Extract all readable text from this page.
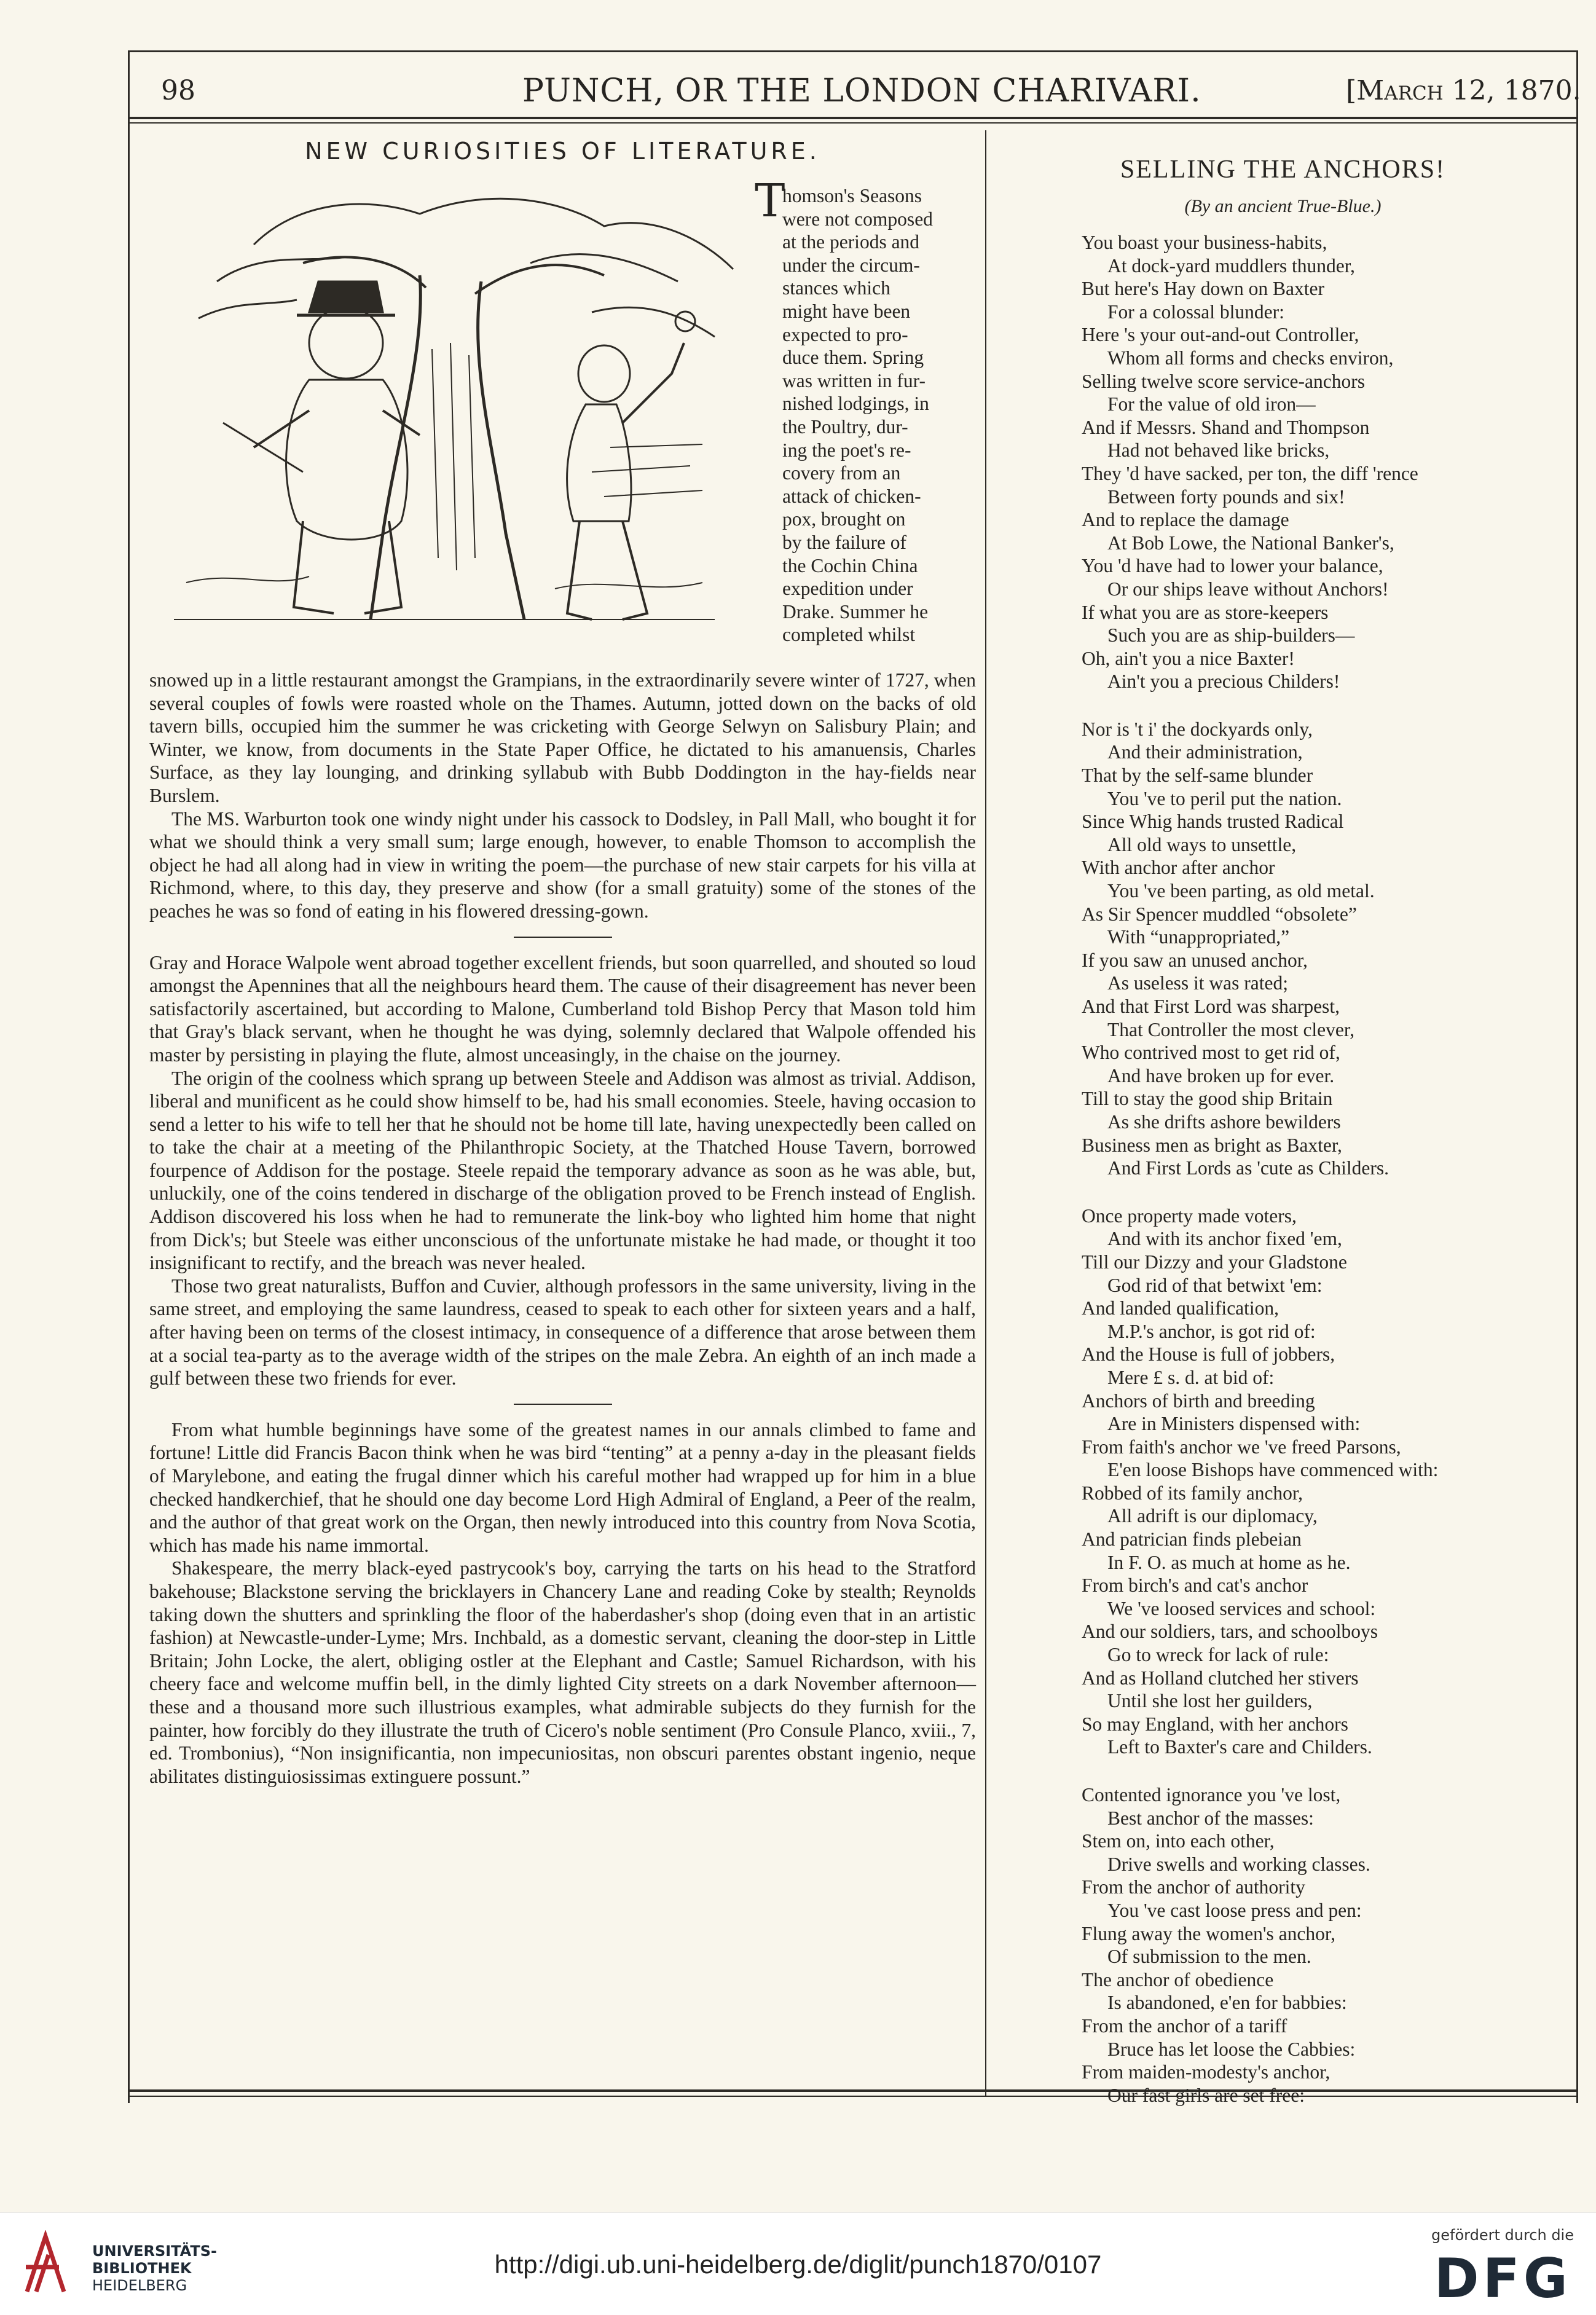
98	PUNCH, OR THE LONDON CHARIVARI.	[March 12, 1870.
NEW CURIOSITIES OF LITERATURE.
T
homson's Seasons
were not composed
at the periods and
under the circum-
stances which
might have been
expected to pro-
duce them. Spring
was written in fur-
nished lodgings, in
the Poultry, dur-
ing the poet's re-
covery from an
attack of chicken-
pox, brought on
by the failure of
the Cochin China
expedition under
Drake. Summer he
completed whilst

snowed up in a little restaurant amongst the Grampians, in the extraordinarily severe winter of 1727, when several couples of fowls were roasted whole on the Thames. Autumn, jotted down on the backs of old tavern bills, occupied him the summer he was cricketing with George Selwyn on Salisbury Plain; and Winter, we know, from documents in the State Paper Office, he dictated to his amanuensis, Charles Surface, as they lay lounging, and drinking syllabub with Bubb Doddington in the hay-fields near Burslem.

The MS. Warburton took one windy night under his cassock to Dodsley, in Pall Mall, who bought it for what we should think a very small sum; large enough, however, to enable Thomson to accomplish the object he had all along had in view in writing the poem—the purchase of new stair carpets for his villa at Richmond, where, to this day, they preserve and show (for a small gratuity) some of the stones of the peaches he was so fond of eating in his flowered dressing-gown.

Gray and Horace Walpole went abroad together excellent friends, but soon quarrelled, and shouted so loud amongst the Apennines that all the neighbours heard them. The cause of their disagreement has never been satisfactorily ascertained, but according to Malone, Cumberland told Bishop Percy that Mason told him that Gray's black servant, when he thought he was dying, solemnly declared that Walpole offended his master by persisting in playing the flute, almost unceasingly, in the chaise on the journey.

The origin of the coolness which sprang up between Steele and Addison was almost as trivial. Addison, liberal and munificent as he could show himself to be, had his small economies. Steele, having occasion to send a letter to his wife to tell her that he should not be home till late, having unexpectedly been called on to take the chair at a meeting of the Philanthropic Society, at the Thatched House Tavern, borrowed fourpence of Addison for the postage. Steele repaid the temporary advance as soon as he was able, but, unluckily, one of the coins tendered in discharge of the obligation proved to be French instead of English. Addison discovered his loss when he had to remunerate the link-boy who lighted him home that night from Dick's; but Steele was either unconscious of the unfortunate mistake he had made, or thought it too insignificant to rectify, and the breach was never healed.

Those two great naturalists, Buffon and Cuvier, although professors in the same university, living in the same street, and employing the same laundress, ceased to speak to each other for sixteen years and a half, after having been on terms of the closest intimacy, in consequence of a difference that arose between them at a social tea-party as to the average width of the stripes on the male Zebra. An eighth of an inch made a gulf between these two friends for ever.

From what humble beginnings have some of the greatest names in our annals climbed to fame and fortune! Little did Francis Bacon think when he was bird “tenting” at a penny a-day in the pleasant fields of Marylebone, and eating the frugal dinner which his careful mother had wrapped up for him in a blue checked handkerchief, that he should one day become Lord High Admiral of England, a Peer of the realm, and the author of that great work on the Organ, then newly introduced into this country from Nova Scotia, which has made his name immortal.

Shakespeare, the merry black-eyed pastrycook's boy, carrying the tarts on his head to the Stratford bakehouse; Blackstone serving the bricklayers in Chancery Lane and reading Coke by stealth; Reynolds taking down the shutters and sprinkling the floor of the haberdasher's shop (doing even that in an artistic fashion) at Newcastle-under-Lyme; Mrs. Inchbald, as a domestic servant, cleaning the door-step in Little Britain; John Locke, the alert, obliging ostler at the Elephant and Castle; Samuel Richardson, with his cheery face and welcome muffin bell, in the dimly lighted City streets on a dark November afternoon—these and a thousand more such illustrious examples, what admirable subjects do they furnish for the painter, how forcibly do they illustrate the truth of Cicero's noble sentiment (Pro Consule Planco, xviii., 7, ed. Trombonius), “Non insignificantia, non impecuniositas, non obscuri parentes obstant ingenio, neque abilitates distinguiosissimas extinguere possunt.”

SELLING THE ANCHORS!
(By an ancient True-Blue.)
You boast your business-habits,
At dock-yard muddlers thunder,
But here's Hay down on Baxter
For a colossal blunder:
Here 's your out-and-out Controller,
Whom all forms and checks environ,
Selling twelve score service-anchors
For the value of old iron—
And if Messrs. Shand and Thompson
Had not behaved like bricks,
They 'd have sacked, per ton, the diff 'rence
Between forty pounds and six!
And to replace the damage
At Bob Lowe, the National Banker's,
You 'd have had to lower your balance,
Or our ships leave without Anchors!
If what you are as store-keepers
Such you are as ship-builders—
Oh, ain't you a nice Baxter!
Ain't you a precious Childers!
Nor is 't i' the dockyards only,
And their administration,
That by the self-same blunder
You 've to peril put the nation.
Since Whig hands trusted Radical
All old ways to unsettle,
With anchor after anchor
You 've been parting, as old metal.
As Sir Spencer muddled “obsolete”
With “unappropriated,”
If you saw an unused anchor,
As useless it was rated;
And that First Lord was sharpest,
That Controller the most clever,
Who contrived most to get rid of,
And have broken up for ever.
Till to stay the good ship Britain
As she drifts ashore bewilders
Business men as bright as Baxter,
And First Lords as 'cute as Childers.
Once property made voters,
And with its anchor fixed 'em,
Till our Dizzy and your Gladstone
God rid of that betwixt 'em:
And landed qualification,
M.P.'s anchor, is got rid of:
And the House is full of jobbers,
Mere £ s. d. at bid of:
Anchors of birth and breeding
Are in Ministers dispensed with:
From faith's anchor we 've freed Parsons,
E'en loose Bishops have commenced with:
Robbed of its family anchor,
All adrift is our diplomacy,
And patrician finds plebeian
In F. O. as much at home as he.
From birch's and cat's anchor
We 've loosed services and school:
And our soldiers, tars, and schoolboys
Go to wreck for lack of rule:
And as Holland clutched her stivers
Until she lost her guilders,
So may England, with her anchors
Left to Baxter's care and Childers.
Contented ignorance you 've lost,
Best anchor of the masses:
Stem on, into each other,
Drive swells and working classes.
From the anchor of authority
You 've cast loose press and pen:
Flung away the women's anchor,
Of submission to the men.
The anchor of obedience
Is abandoned, e'en for babbies:
From the anchor of a tariff
Bruce has let loose the Cabbies:
From maiden-modesty's anchor,
Our fast girls are set free:
UNIVERSITÄTS-
BIBLIOTHEK
HEIDELBERG
http://digi.ub.uni-heidelberg.de/diglit/punch1870/0107
gefördert durch die
DFG
